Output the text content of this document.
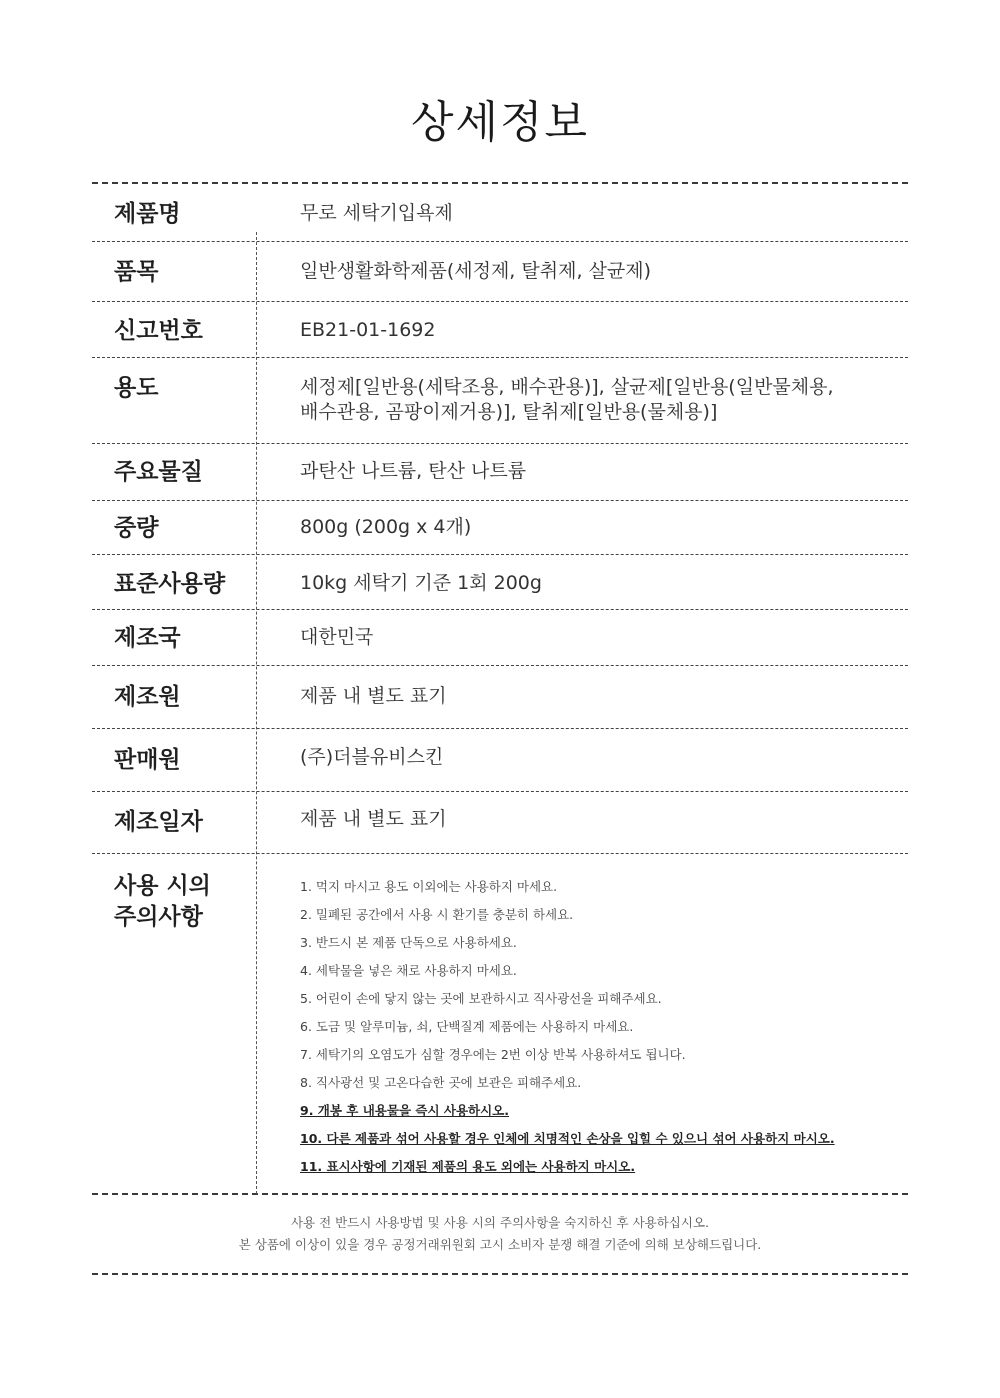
상세정보
제품명	무로 세탁기입욕제
품목	일반생활화학제품(세정제, 탈취제, 살균제)
신고번호	EB21-01-1692
용도	세정제[일반용(세탁조용, 배수관용)], 살균제[일반용(일반물체용,
배수관용, 곰팡이제거용)], 탈취제[일반용(물체용)]
주요물질	과탄산 나트륨, 탄산 나트륨
중량	800g (200g x 4개)
표준사용량	10kg 세탁기 기준 1회 200g
제조국	대한민국
제조원	제품 내 별도 표기
판매원	(주)더블유비스킨
제조일자	제품 내 별도 표기
사용 시의
주의사항
1. 먹지 마시고 용도 이외에는 사용하지 마세요.
2. 밀폐된 공간에서 사용 시 환기를 충분히 하세요.
3. 반드시 본 제품 단독으로 사용하세요.
4. 세탁물을 넣은 채로 사용하지 마세요.
5. 어린이 손에 닿지 않는 곳에 보관하시고 직사광선을 피해주세요.
6. 도금 및 알루미늄, 쇠, 단백질계 제품에는 사용하지 마세요.
7. 세탁기의 오염도가 심할 경우에는 2번 이상 반복 사용하셔도 됩니다.
8. 직사광선 및 고온다습한 곳에 보관은 피해주세요.
9. 개봉 후 내용물을 즉시 사용하시오.
10. 다른 제품과 섞어 사용할 경우 인체에 치명적인 손상을 입힐 수 있으니 섞어 사용하지 마시오.
11. 표시사항에 기재된 제품의 용도 외에는 사용하지 마시오.
사용 전 반드시 사용방법 및 사용 시의 주의사항을 숙지하신 후 사용하십시오.
본 상품에 이상이 있을 경우 공정거래위원회 고시 소비자 분쟁 해결 기준에 의해 보상해드립니다.
